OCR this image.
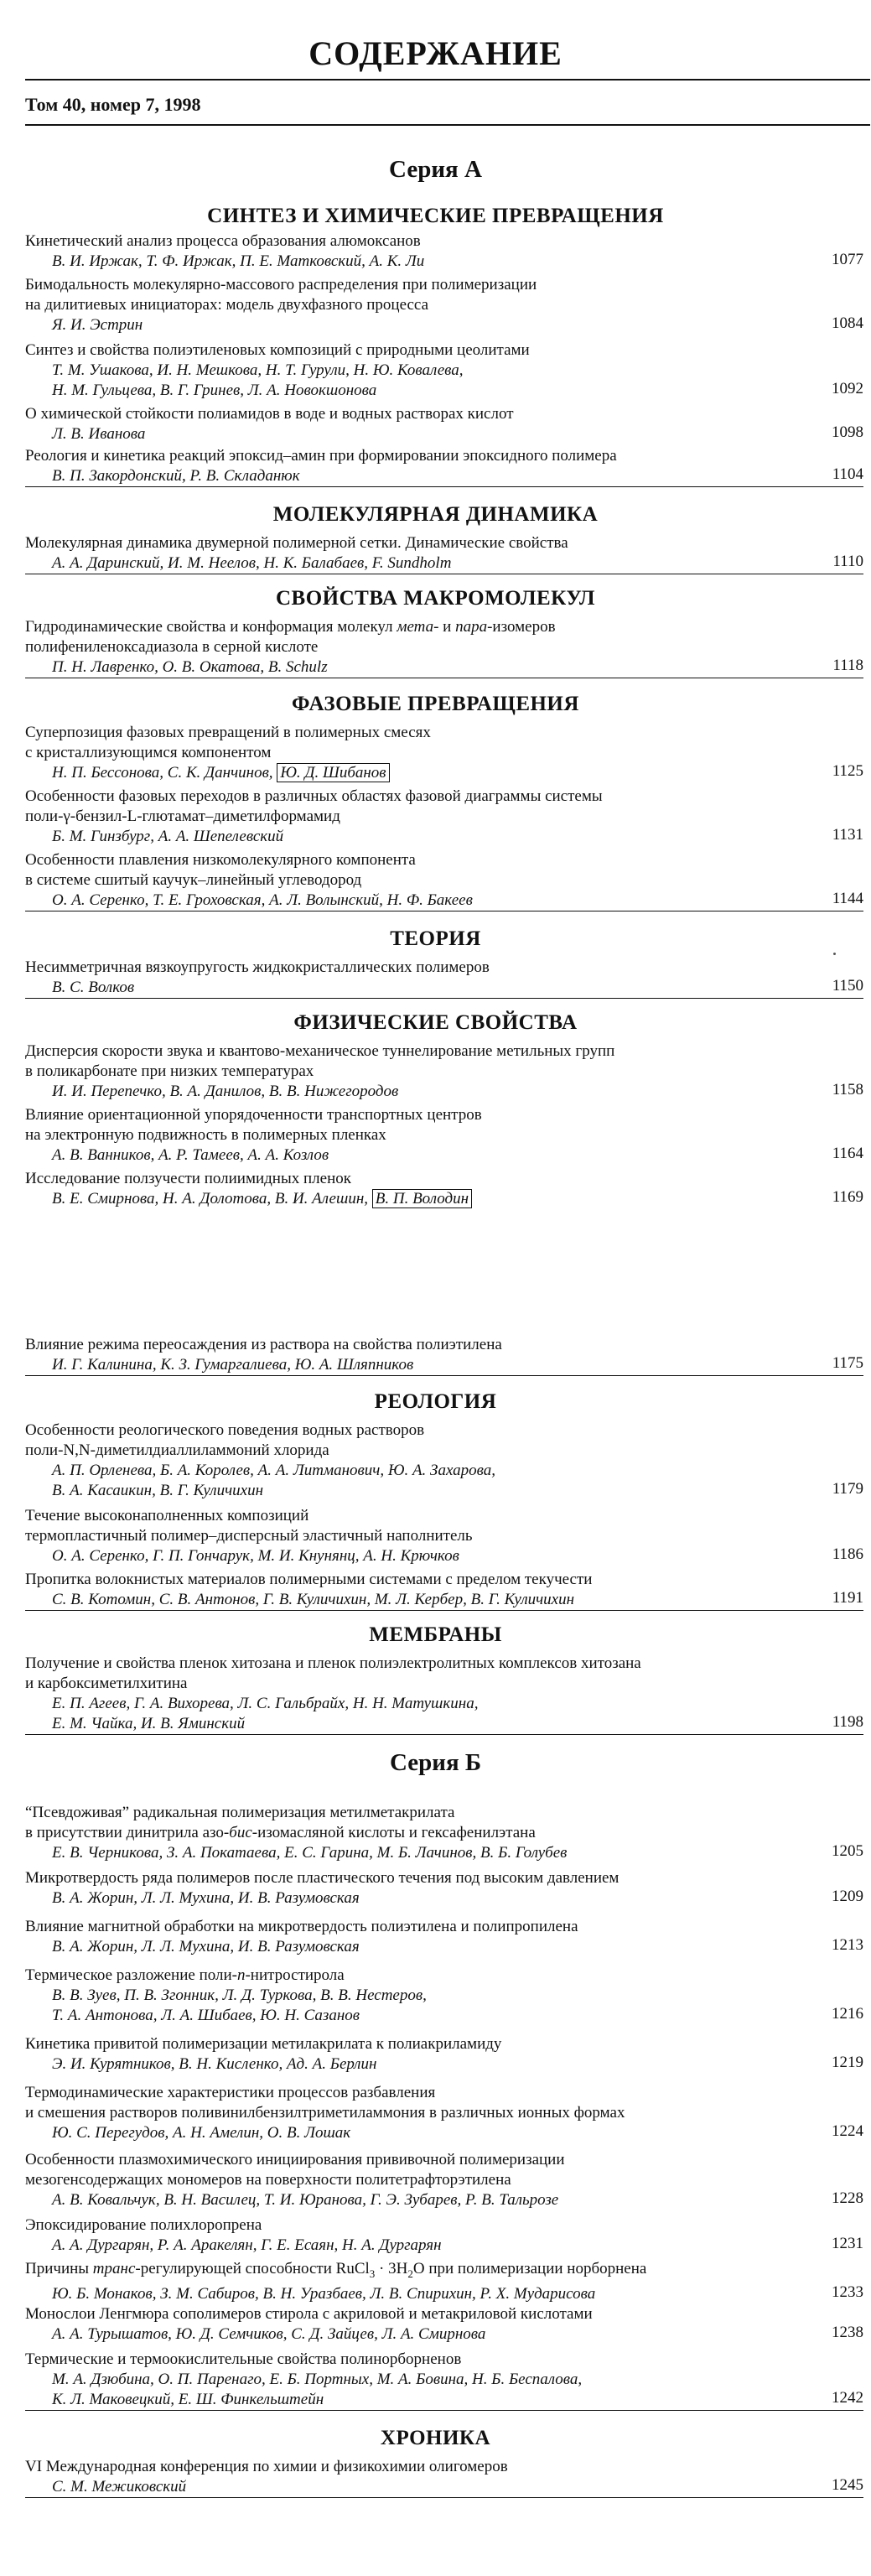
СОДЕРЖАНИЕ
Том 40, номер 7, 1998
Серия А
СИНТЕЗ И ХИМИЧЕСКИЕ ПРЕВРАЩЕНИЯ
Кинетический анализ процесса образования алюмоксанов
В. И. Иржак, Т. Ф. Иржак, П. Е. Матковский, А. К. Ли	1077
Бимодальность молекулярно-массового распределения при полимеризации
на дилитиевых инициаторах: модель двухфазного процесса
Я. И. Эстрин	1084
Синтез и свойства полиэтиленовых композиций с природными цеолитами
Т. М. Ушакова, И. Н. Мешкова, Н. Т. Гурули, Н. Ю. Ковалева,
Н. М. Гульцева, В. Г. Гринев, Л. А. Новокшонова	1092
О химической стойкости полиамидов в воде и водных растворах кислот
Л. В. Иванова	1098
Реология и кинетика реакций эпоксид–амин при формировании эпоксидного полимера
В. П. Закордонский, Р. В. Складанюк	1104
МОЛЕКУЛЯРНАЯ ДИНАМИКА
Молекулярная динамика двумерной полимерной сетки. Динамические свойства
А. А. Даринский, И. М. Неелов, Н. К. Балабаев, F. Sundholm	1110
СВОЙСТВА МАКРОМОЛЕКУЛ
Гидродинамические свойства и конформация молекул мета- и пара-изомеров
полифениленоксадиазола в серной кислоте
П. Н. Лавренко, О. В. Окатова, B. Schulz	1118
ФАЗОВЫЕ ПРЕВРАЩЕНИЯ
Суперпозиция фазовых превращений в полимерных смесях
с кристаллизующимся компонентом
Н. П. Бессонова, С. К. Данчинов, Ю. Д. Шибанов	1125
Особенности фазовых переходов в различных областях фазовой диаграммы системы
поли-γ-бензил-L-глютамат–диметилформамид
Б. М. Гинзбург, А. А. Шепелевский	1131
Особенности плавления низкомолекулярного компонента
в системе сшитый каучук–линейный углеводород
О. А. Серенко, Т. Е. Гроховская, А. Л. Волынский, Н. Ф. Бакеев	1144
ТЕОРИЯ
Несимметричная вязкоупругость жидкокристаллических полимеров
В. С. Волков	1150
ФИЗИЧЕСКИЕ СВОЙСТВА
Дисперсия скорости звука и квантово-механическое туннелирование метильных групп
в поликарбонате при низких температурах
И. И. Перепечко, В. А. Данилов, В. В. Нижегородов	1158
Влияние ориентационной упорядоченности транспортных центров
на электронную подвижность в полимерных пленках
А. В. Ванников, А. Р. Тамеев, А. А. Козлов	1164
Исследование ползучести полиимидных пленок
В. Е. Смирнова, Н. А. Долотова, В. И. Алешин, В. П. Володин	1169
Влияние режима переосаждения из раствора на свойства полиэтилена
И. Г. Калинина, К. З. Гумаргалиева, Ю. А. Шляпников	1175
РЕОЛОГИЯ
Особенности реологического поведения водных растворов
поли-N,N-диметилдиаллиламмоний хлорида
А. П. Орленева, Б. А. Королев, А. А. Литманович, Ю. А. Захарова,
В. А. Касаикин, В. Г. Куличихин	1179
Течение высоконаполненных композиций
термопластичный полимер–дисперсный эластичный наполнитель
О. А. Серенко, Г. П. Гончарук, М. И. Кнунянц, А. Н. Крючков	1186
Пропитка волокнистых материалов полимерными системами с пределом текучести
С. В. Котомин, С. В. Антонов, Г. В. Куличихин, М. Л. Кербер, В. Г. Куличихин	1191
МЕМБРАНЫ
Получение и свойства пленок хитозана и пленок полиэлектролитных комплексов хитозана
и карбоксиметилхитина
Е. П. Агеев, Г. А. Вихорева, Л. С. Гальбрайх, Н. Н. Матушкина,
Е. М. Чайка, И. В. Яминский	1198
Серия Б
“Псевдоживая” радикальная полимеризация метилметакрилата
в присутствии динитрила азо-бис-изомасляной кислоты и гексафенилэтана
Е. В. Черникова, З. А. Покатаева, Е. С. Гарина, М. Б. Лачинов, В. Б. Голубев	1205
Микротвердость ряда полимеров после пластического течения под высоким давлением
В. А. Жорин, Л. Л. Мухина, И. В. Разумовская	1209
Влияние магнитной обработки на микротвердость полиэтилена и полипропилена
В. А. Жорин, Л. Л. Мухина, И. В. Разумовская	1213
Термическое разложение поли-п-нитростирола
В. В. Зуев, П. В. Згонник, Л. Д. Туркова, В. В. Нестеров,
Т. А. Антонова, Л. А. Шибаев, Ю. Н. Сазанов	1216
Кинетика привитой полимеризации метилакрилата к полиакриламиду
Э. И. Курятников, В. Н. Кисленко, Ад. А. Берлин	1219
Термодинамические характеристики процессов разбавления
и смешения растворов поливинилбензилтриметиламмония в различных ионных формах
Ю. С. Перегудов, А. Н. Амелин, О. В. Лошак	1224
Особенности плазмохимического инициирования прививочной полимеризации
мезогенсодержащих мономеров на поверхности политетрафторэтилена
А. В. Ковальчук, В. Н. Василец, Т. И. Юранова, Г. Э. Зубарев, Р. В. Тальрозе	1228
Эпоксидирование полихлоропрена
А. А. Дургарян, Р. А. Аракелян, Г. Е. Есаян, Н. А. Дургарян	1231
Причины транс-регулирующей способности RuCl$_3$ · $3H_2O$ при полимеризации норборнена
Ю. Б. Монаков, З. М. Сабиров, В. Н. Уразбаев, Л. В. Спирихин, Р. Х. Мударисова	1233
Монослои Ленгмюра сополимеров стирола с акриловой и метакриловой кислотами
А. А. Турышатов, Ю. Д. Семчиков, С. Д. Зайцев, Л. А. Смирнова	1238
Термические и термоокислительные свойства полинорборненов
М. А. Дзюбина, О. П. Пapeнaгo, Е. Б. Портных, М. А. Бовина, Н. Б. Беспалова,
К. Л. Маковецкий, Е. Ш. Финкельштейн	1242
ХРОНИКА
VI Международная конференция по химии и физикохимии олигомеров
С. М. Межиковский	1245
